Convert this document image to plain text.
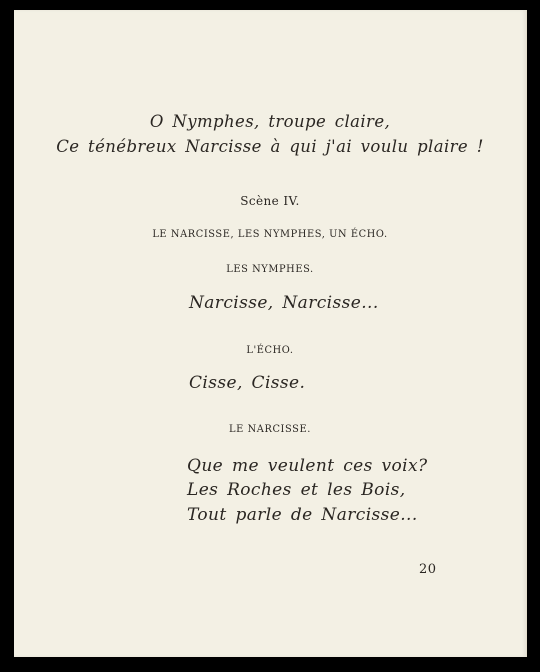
O Nymphes, troupe claire,
Ce ténébreux Narcisse à qui j'ai voulu plaire !
Scène IV.
LE NARCISSE, LES NYMPHES, UN ÉCHO.
LES NYMPHES.
Narcisse, Narcisse...
L'ÉCHO.
Cisse, Cisse.
LE NARCISSE.
Que me veulent ces voix?
Les Roches et les Bois,
Tout parle de Narcisse...
20
